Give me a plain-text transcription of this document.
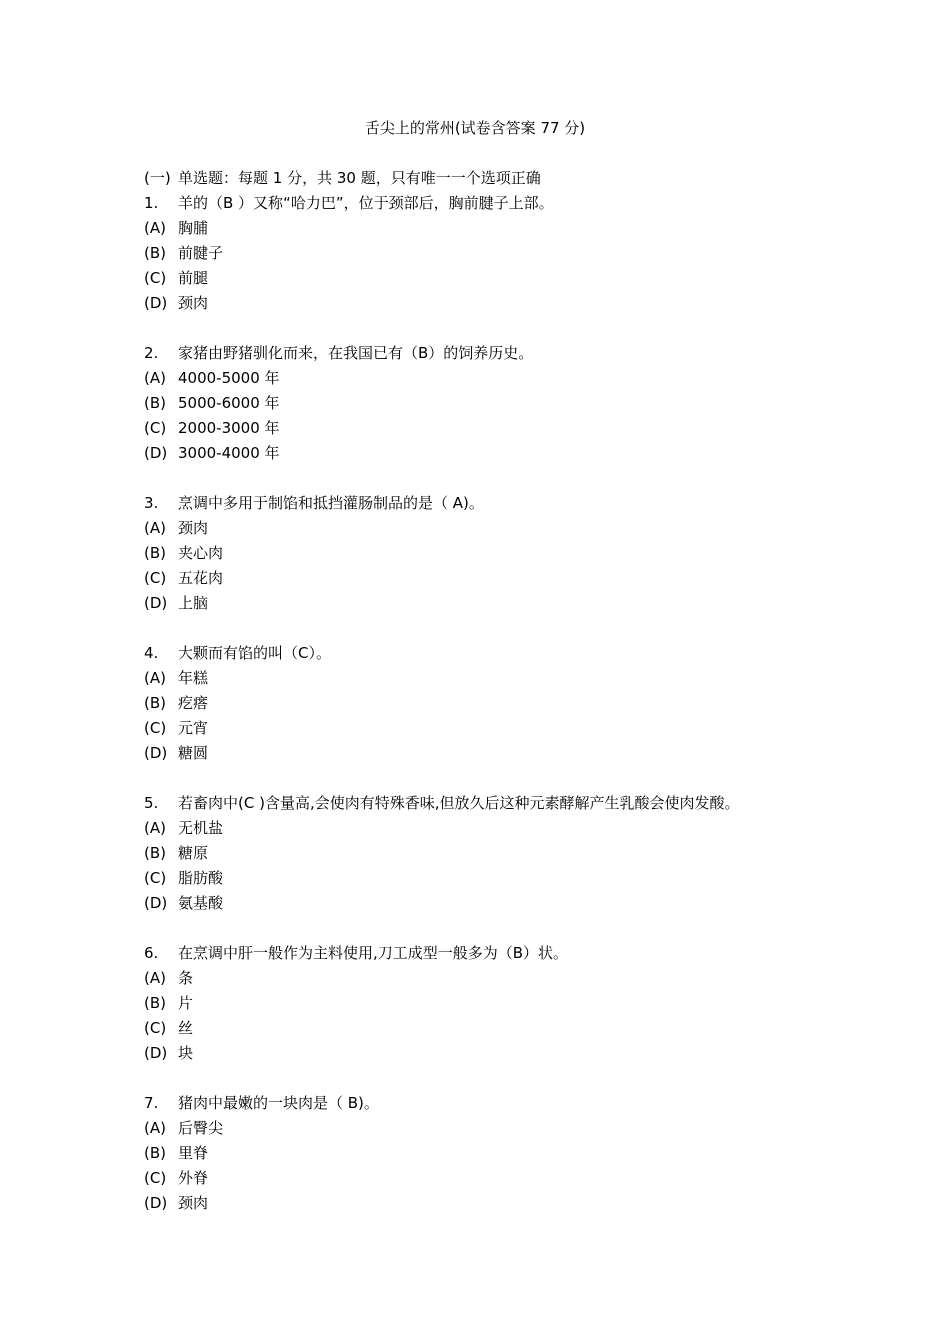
舌尖上的常州(试卷含答案 77 分)
(一) 单选题：每题 1 分，共 30 题，只有唯一一个选项正确
1.	羊的（B ）又称“哈力巴”，位于颈部后，胸前腱子上部。
(A) 胸脯
(B) 前腱子
(C) 前腿
(D) 颈肉
2.	家猪由野猪驯化而来，在我国已有（B）的饲养历史。
(A) 4000-5000 年
(B) 5000-6000 年
(C) 2000-3000 年
(D) 3000-4000 年
3.	烹调中多用于制馅和抵挡灌肠制品的是（ A)。
(A) 颈肉
(B) 夹心肉
(C) 五花肉
(D) 上脑
4.	大颗而有馅的叫（C）。
(A) 年糕
(B) 疙瘩
(C) 元宵
(D) 糖圆
5.	若畜肉中(C )含量高,会使肉有特殊香味,但放久后这种元素酵解产生乳酸会使肉发酸。
(A) 无机盐
(B) 糖原
(C) 脂肪酸
(D) 氨基酸
6.	在烹调中肝一般作为主料使用,刀工成型一般多为（B）状。
(A) 条
(B) 片
(C) 丝
(D) 块
7.	猪肉中最嫩的一块肉是（ B)。
(A) 后臀尖
(B) 里脊
(C) 外脊
(D) 颈肉
